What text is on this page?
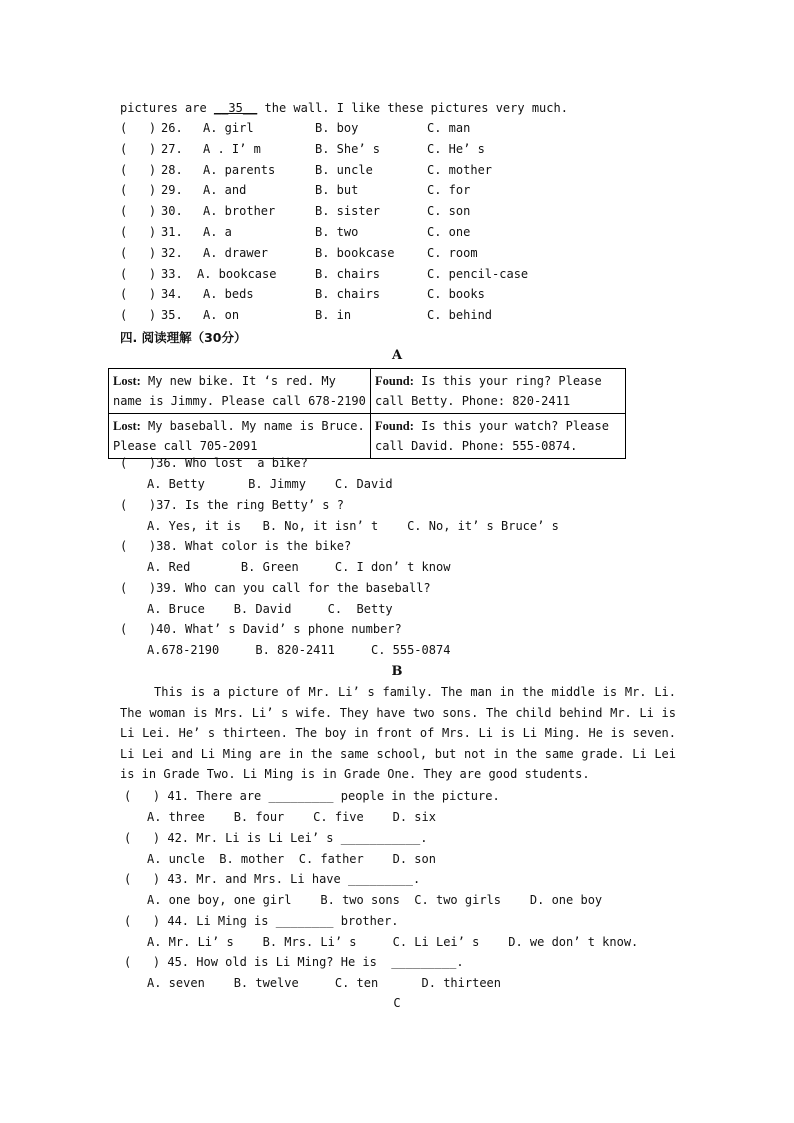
pictures are __35__ the wall. I like these pictures very much.
(   ) 26. A. girl	B. boy	C. man
(   ) 27. A . I’ m	B. She’ s	C. He’ s
(   ) 28. A. parents	B. uncle	C. mother
(   ) 29. A. and	B. but	C. for
(   ) 30. A. brother	B. sister	C. son
(   ) 31. A. a	B. two	C. one
(   ) 32. A. drawer	B. bookcase	C. room
(   ) 33. A. bookcase	B. chairs	C. pencil-case
(   ) 34. A. beds	B. chairs	C. books
(   ) 35. A. on	B. in	C. behind
四. 阅读理解（30分）
A
Lost: My new bike. It ‘s red. My name is Jimmy. Please call 678-2190	Found: Is this your ring? Please call Betty. Phone: 820-2411
Lost: My baseball. My name is Bruce. Please call 705-2091	Found: Is this your watch? Please call David. Phone: 555-0874.
(   )36. Who lost  a bike?
A. Betty      B. Jimmy    C. David
(   )37. Is the ring Betty’ s ?
A. Yes, it is   B. No, it isn’ t    C. No, it’ s Bruce’ s
(   )38. What color is the bike?
A. Red       B. Green     C. I don’ t know
(   )39. Who can you call for the baseball?
A. Bruce    B. David     C.  Betty
(   )40. What’ s David’ s phone number?
A.678-2190     B. 820-2411     C. 555-0874
B
This is a picture of Mr. Li’ s family. The man in the middle is Mr. Li. The woman is Mrs. Li’ s wife. They have two sons. The child behind Mr. Li is Li Lei. He’ s thirteen. The boy in front of Mrs. Li is Li Ming. He is seven. Li Lei and Li Ming are in the same school, but not in the same grade. Li Lei is in Grade Two. Li Ming is in Grade One. They are good students.
(   ) 41. There are _________ people in the picture.
A. three    B. four    C. five    D. six
(   ) 42. Mr. Li is Li Lei’ s ___________.
A. uncle  B. mother  C. father    D. son
(   ) 43. Mr. and Mrs. Li have _________.
A. one boy, one girl    B. two sons  C. two girls    D. one boy
(   ) 44. Li Ming is ________ brother.
A. Mr. Li’ s    B. Mrs. Li’ s     C. Li Lei’ s    D. we don’ t know.
(   ) 45. How old is Li Ming? He is  _________.
A. seven    B. twelve     C. ten      D. thirteen
C
